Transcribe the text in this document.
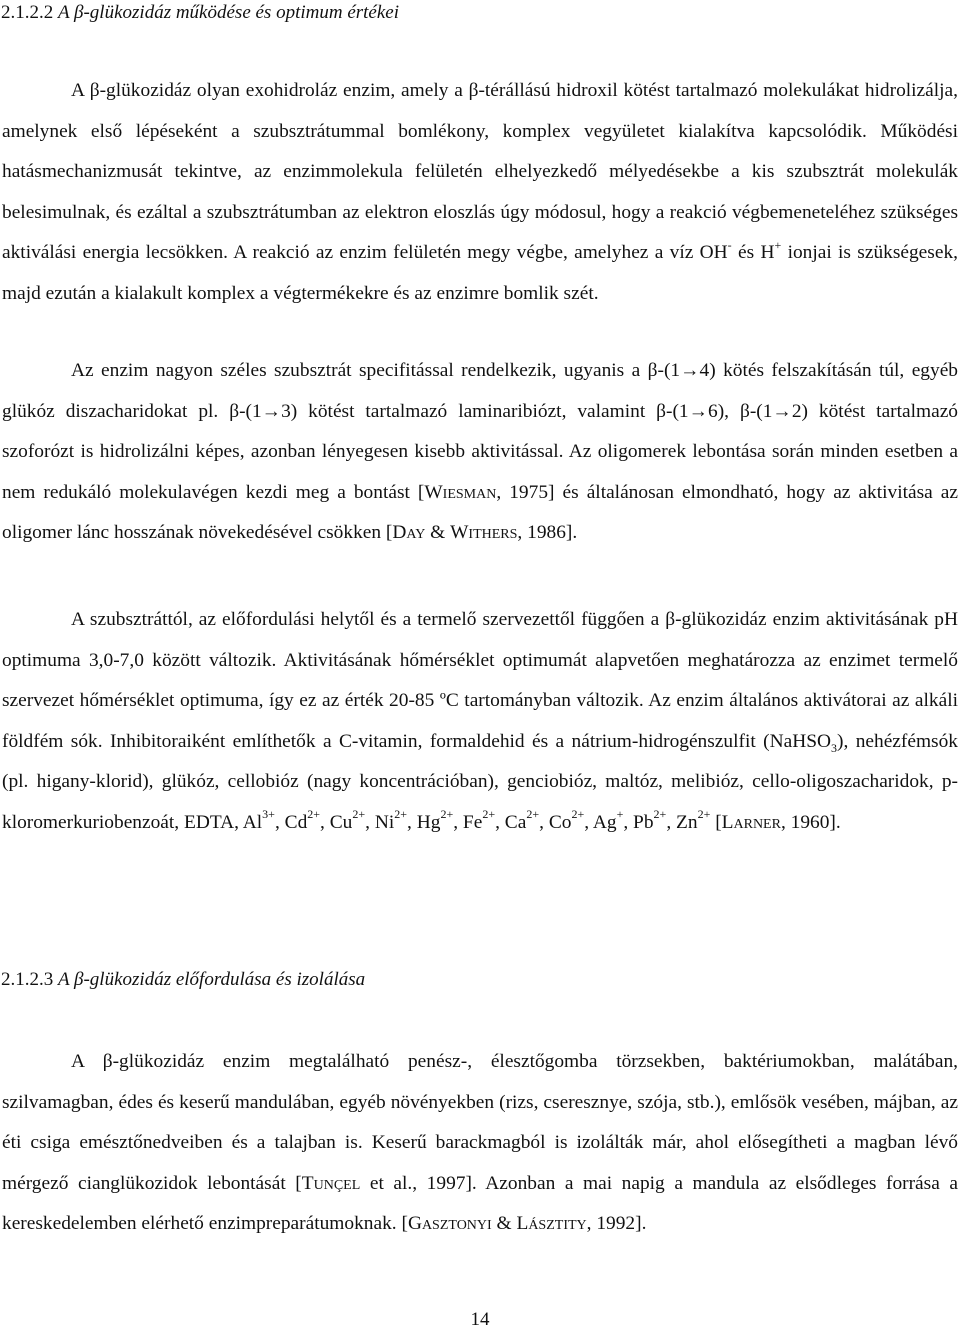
2.1.2.2 A β-glükozidáz működése és optimum értékei

A β-glükozidáz olyan exohidroláz enzim, amely a β-térállású hidroxil kötést tartalmazó molekulákat hidrolizálja, amelynek első lépéseként a szubsztrátummal bomlékony, komplex vegyületet kialakítva kapcsolódik. Működési hatásmechanizmusát tekintve, az enzimmolekula felületén elhelyezkedő mélyedésekbe a kis szubsztrát molekulák belesimulnak, és ezáltal a szubsztrátumban az elektron eloszlás úgy módosul, hogy a reakció végbemeneteléhez szükséges aktiválási energia lecsökken. A reakció az enzim felületén megy végbe, amelyhez a víz OH- és H+ ionjai is szükségesek, majd ezután a kialakult komplex a végtermékekre és az enzimre bomlik szét.

Az enzim nagyon széles szubsztrát specifitással rendelkezik, ugyanis a β-(1→4) kötés felszakításán túl, egyéb glükóz diszacharidokat pl. β-(1→3) kötést tartalmazó laminaribiózt, valamint β-(1→6), β-(1→2) kötést tartalmazó szoforózt is hidrolizálni képes, azonban lényegesen kisebb aktivitással. Az oligomerek lebontása során minden esetben a nem redukáló molekulavégen kezdi meg a bontást [Wiesman, 1975] és általánosan elmondható, hogy az aktivitása az oligomer lánc hosszának növekedésével csökken [Day & Withers, 1986].

A szubsztráttól, az előfordulási helytől és a termelő szervezettől függően a β-glükozidáz enzim aktivitásának pH optimuma 3,0-7,0 között változik. Aktivitásának hőmérséklet optimumát alapvetően meghatározza az enzimet termelő szervezet hőmérséklet optimuma, így ez az érték 20-85 ºC tartományban változik. Az enzim általános aktivátorai az alkáli földfém sók. Inhibitoraiként említhetők a C-vitamin, formaldehid és a nátrium-hidrogénszulfit (NaHSO$_3$), nehézfémsók (pl. higany-klorid), glükóz, cellobióz (nagy koncentrációban), genciobióz, maltóz, melibióz, cello-oligoszacharidok, p-kloromerkuriobenzoát, EDTA, $Al^{3+}$, $Cd^{2+}$, $Cu^{2+}$, $Ni^{2+}$, $Hg^{2+}$, $Fe^{2+}$, $Ca^{2+}$, $Co^{2+}$, Ag+, $Pb^{2+}$, $Zn^{2+}$ [Larner, 1960].

2.1.2.3 A β-glükozidáz előfordulása és izolálása

A β-glükozidáz enzim megtalálható penész-, élesztőgomba törzsekben, baktériumokban, malátában, szilvamagban, édes és keserű mandulában, egyéb növényekben (rizs, cseresznye, szója, stb.), emlősök vesében, májban, az éti csiga emésztőnedveiben és a talajban is. Keserű barackmagból is izolálták már, ahol elősegítheti a magban lévő mérgező cianglükozidok lebontását [Tunçel et al., 1997]. Azonban a mai napig a mandula az elsődleges forrása a kereskedelemben elérhető enzimpreparátumoknak. [Gasztonyi & Lásztity, 1992].

14
